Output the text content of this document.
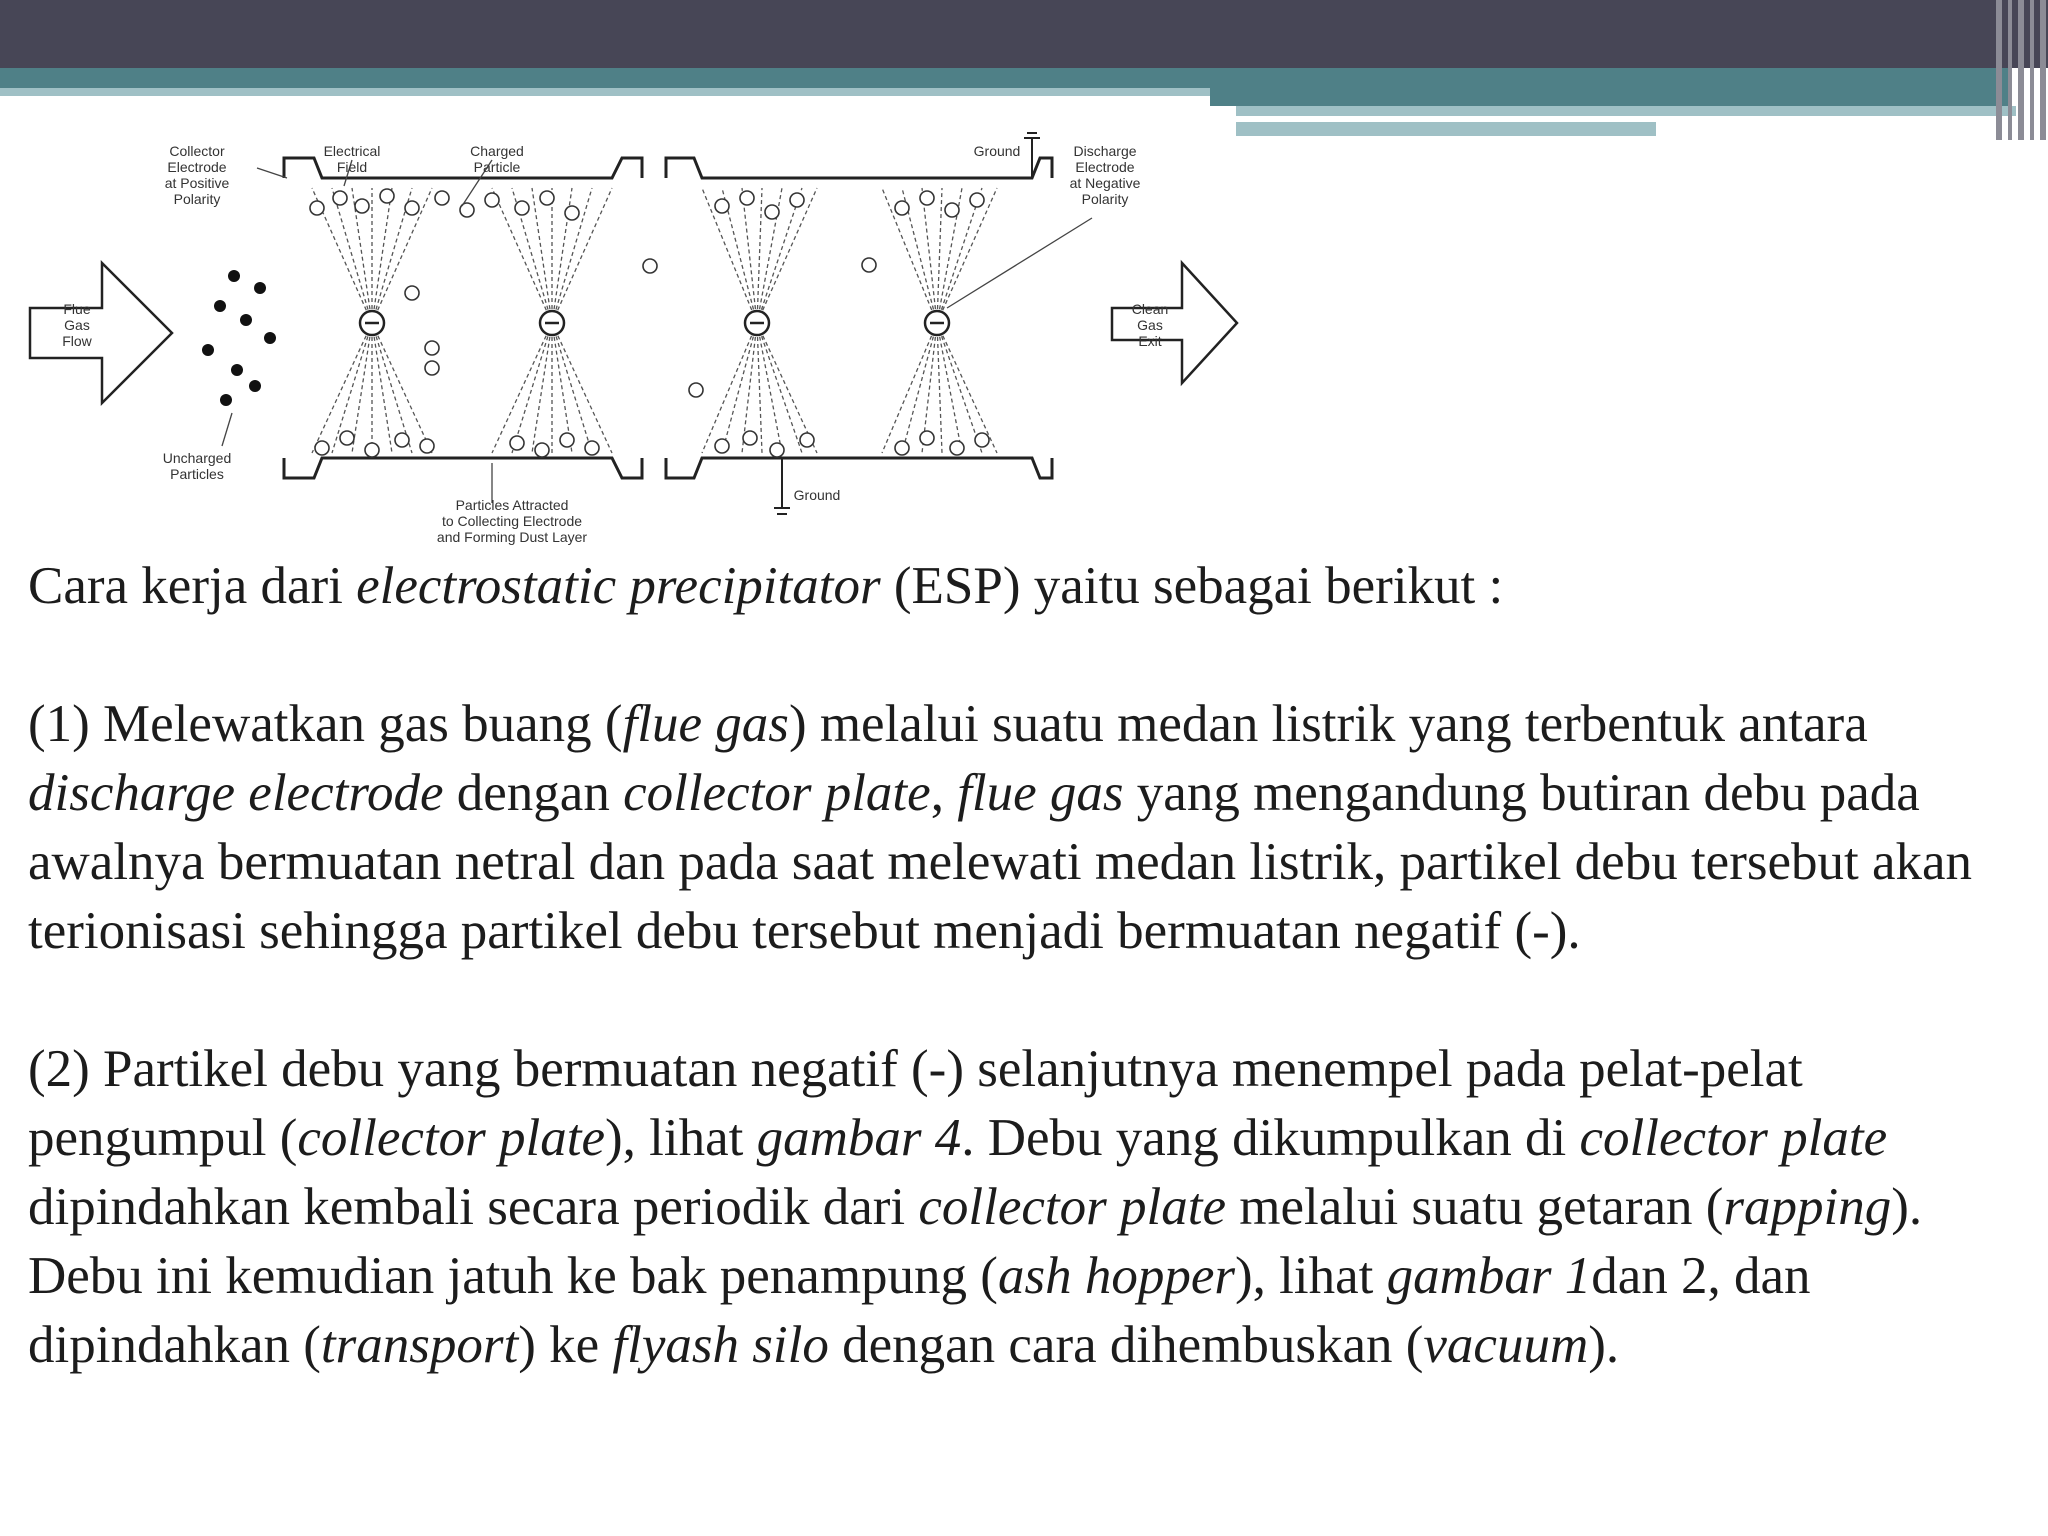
Collector
Electrode
at Positive
Polarity
Electrical
Field
Charged
Particle
Ground	Discharge
Electrode
at Negative
Polarity
Flue
Gas
Flow
Clean
Gas
Exit
Uncharged
Particles
Particles Attracted
to Collecting Electrode
and Forming Dust Layer
Ground

Cara kerja dari electrostatic precipitator (ESP) yaitu sebagai berikut :

(1) Melewatkan gas buang (flue gas) melalui suatu medan listrik yang terbentuk antara discharge electrode dengan collector plate, flue gas yang mengandung butiran debu pada awalnya bermuatan netral dan pada saat melewati medan listrik, partikel debu tersebut akan terionisasi sehingga partikel debu tersebut menjadi bermuatan negatif (-).

(2) Partikel debu yang bermuatan negatif (-) selanjutnya menempel pada pelat-pelat pengumpul (collector plate), lihat gambar 4. Debu yang dikumpulkan di collector plate dipindahkan kembali secara periodik dari collector plate melalui suatu getaran (rapping). Debu ini kemudian jatuh ke bak penampung (ash hopper), lihat gambar 1dan 2, dan dipindahkan (transport) ke flyash silo dengan cara dihembuskan (vacuum).
